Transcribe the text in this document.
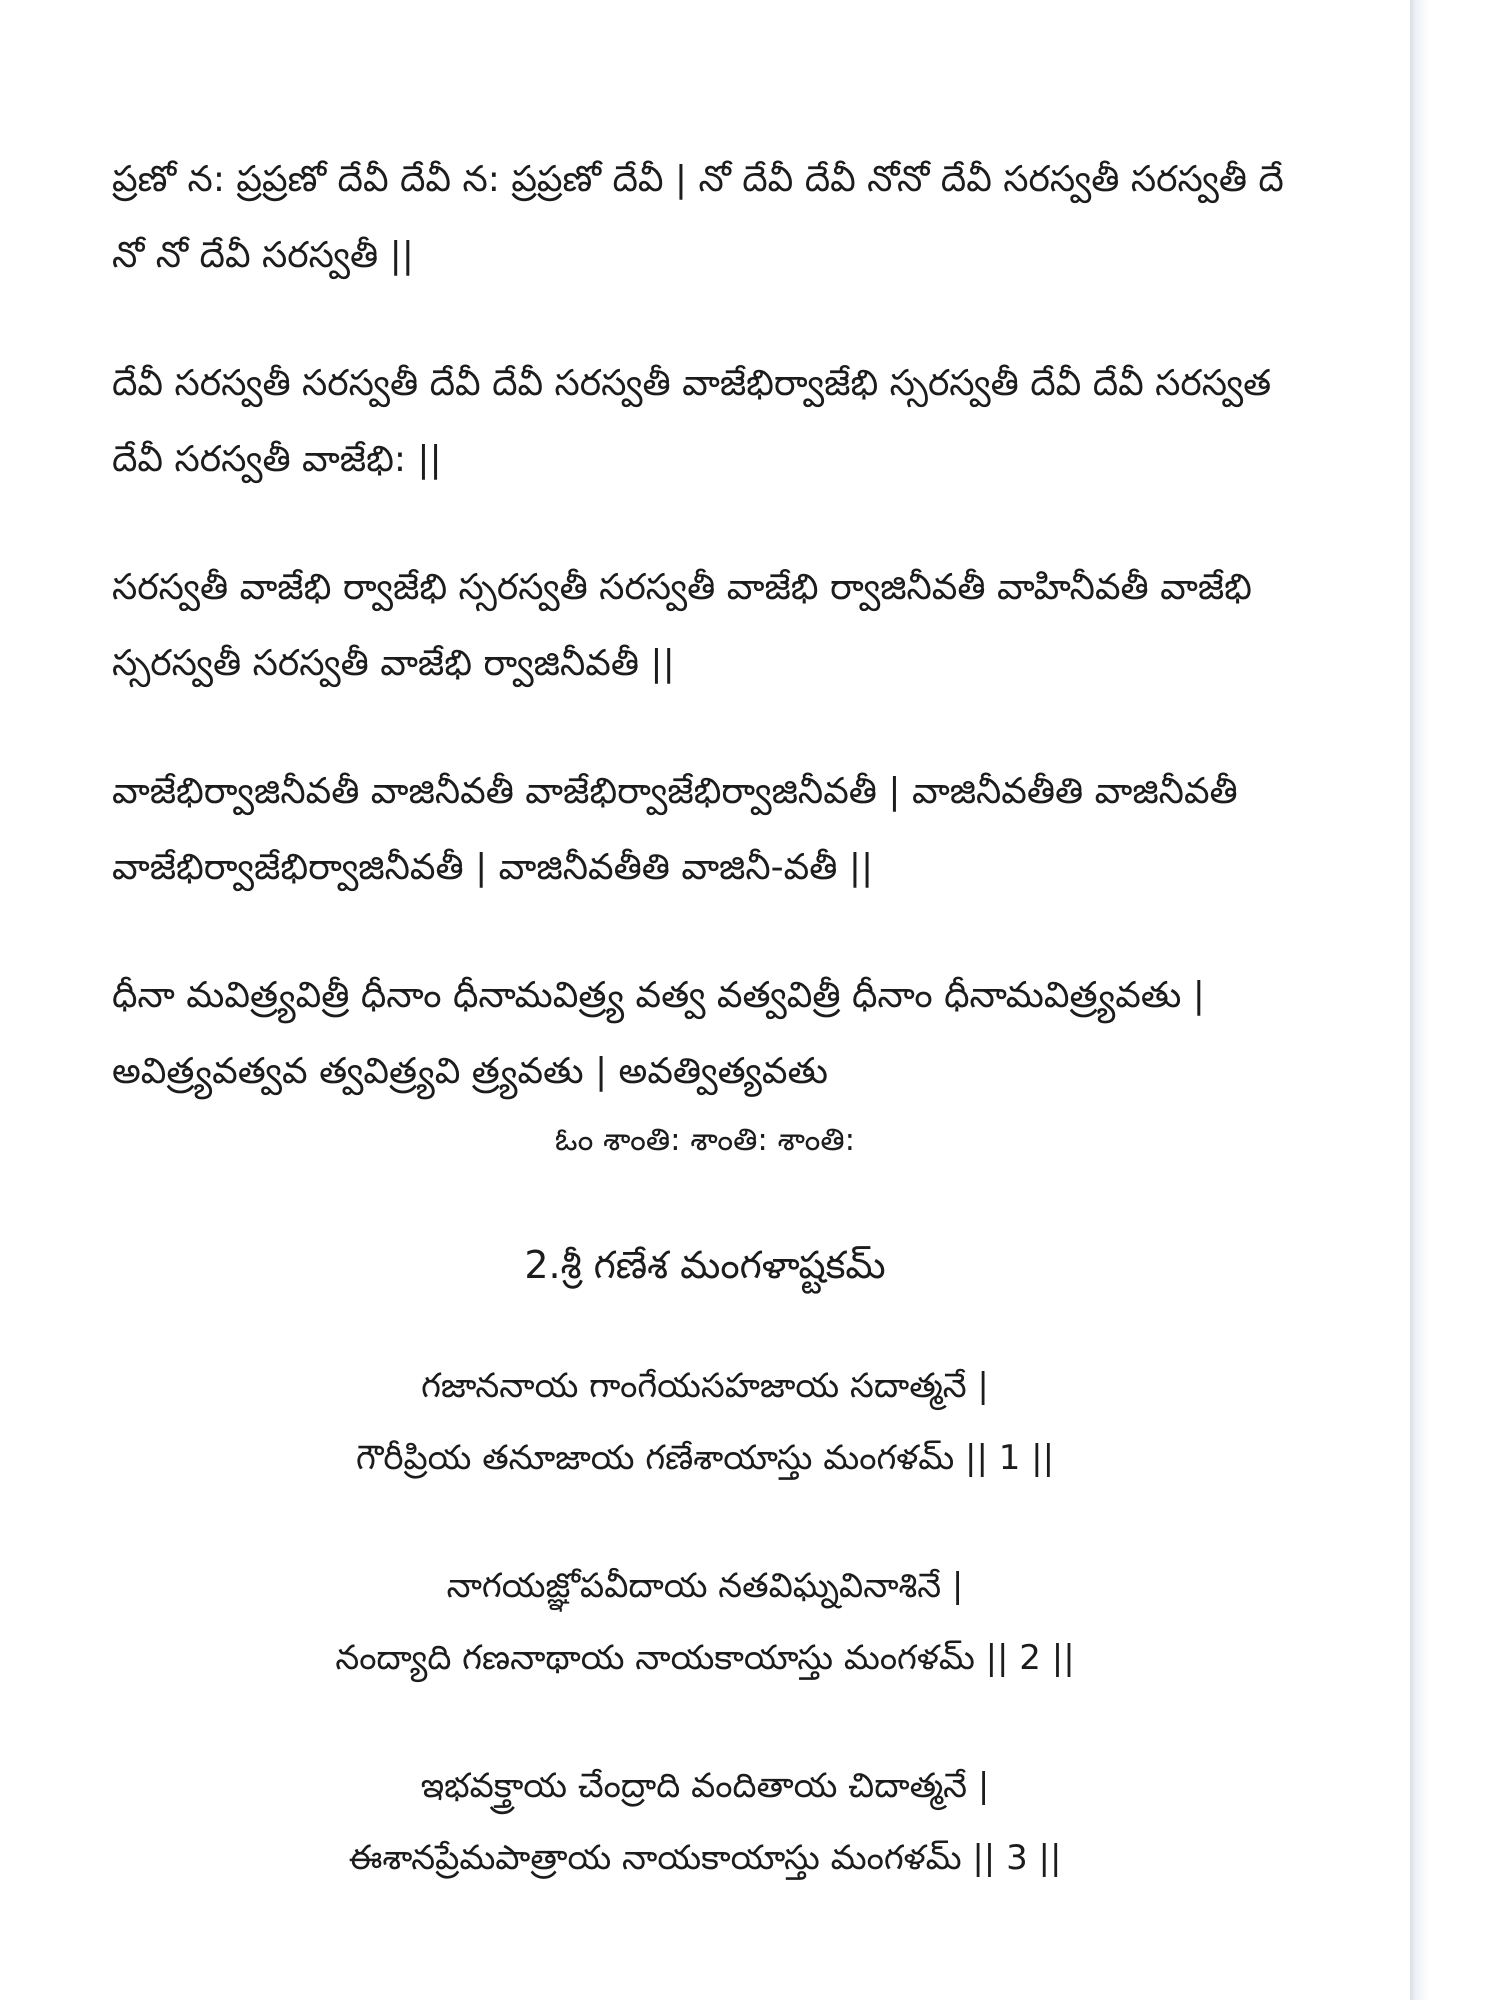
ప్రణో న: ప్రప్రణో దేవీ దేవీ న: ప్రప్రణో దేవీ | నో దేవీ దేవీ నోనో దేవీ సరస్వతీ సరస్వతీ దే
నో నో దేవీ సరస్వతీ ||
దేవీ సరస్వతీ సరస్వతీ దేవీ దేవీ సరస్వతీ వాజేభిర్వాజేభి స్సరస్వతీ దేవీ దేవీ సరస్వత
దేవీ సరస్వతీ వాజేభి: ||
సరస్వతీ వాజేభి ర్వాజేభి స్సరస్వతీ సరస్వతీ వాజేభి ర్వాజినీవతీ వాహినీవతీ వాజేభి
స్సరస్వతీ సరస్వతీ వాజేభి ర్వాజినీవతీ ||
వాజేభిర్వాజినీవతీ వాజినీవతీ వాజేభిర్వాజేభిర్వాజినీవతీ | వాజినీవతీతి వాజినీవతీ
వాజేభిర్వాజేభిర్వాజినీవతీ | వాజినీవతీతి వాజినీ-వతీ ||
ధీనా మవిత్ర్యవిత్రీ ధీనాం ధీనామవిత్ర్య వత్వ వత్వవిత్రీ ధీనాం ధీనామవిత్ర్యవతు |
అవిత్ర్యవత్వవ త్వవిత్ర్యవి త్ర్యవతు | అవత్విత్యవతు
ఓం శాంతి: శాంతి: శాంతి:
2.శ్రీ గణేశ మంగళాష్టకమ్
గజాననాయ గాంగేయసహజాయ సదాత్మనే |
గౌరీప్రియ తనూజాయ గణేశాయాస్తు మంగళమ్ || 1 ||
నాగయజ్ఞోపవీదాయ నతవిఘ్నవినాశినే |
నంద్యాది గణనాథాయ నాయకాయాస్తు మంగళమ్ || 2 ||
ఇభవక్త్రాయ చేంద్రాది వందితాయ చిదాత్మనే |
ఈశానప్రేమపాత్రాయ నాయకాయాస్తు మంగళమ్ || 3 ||
